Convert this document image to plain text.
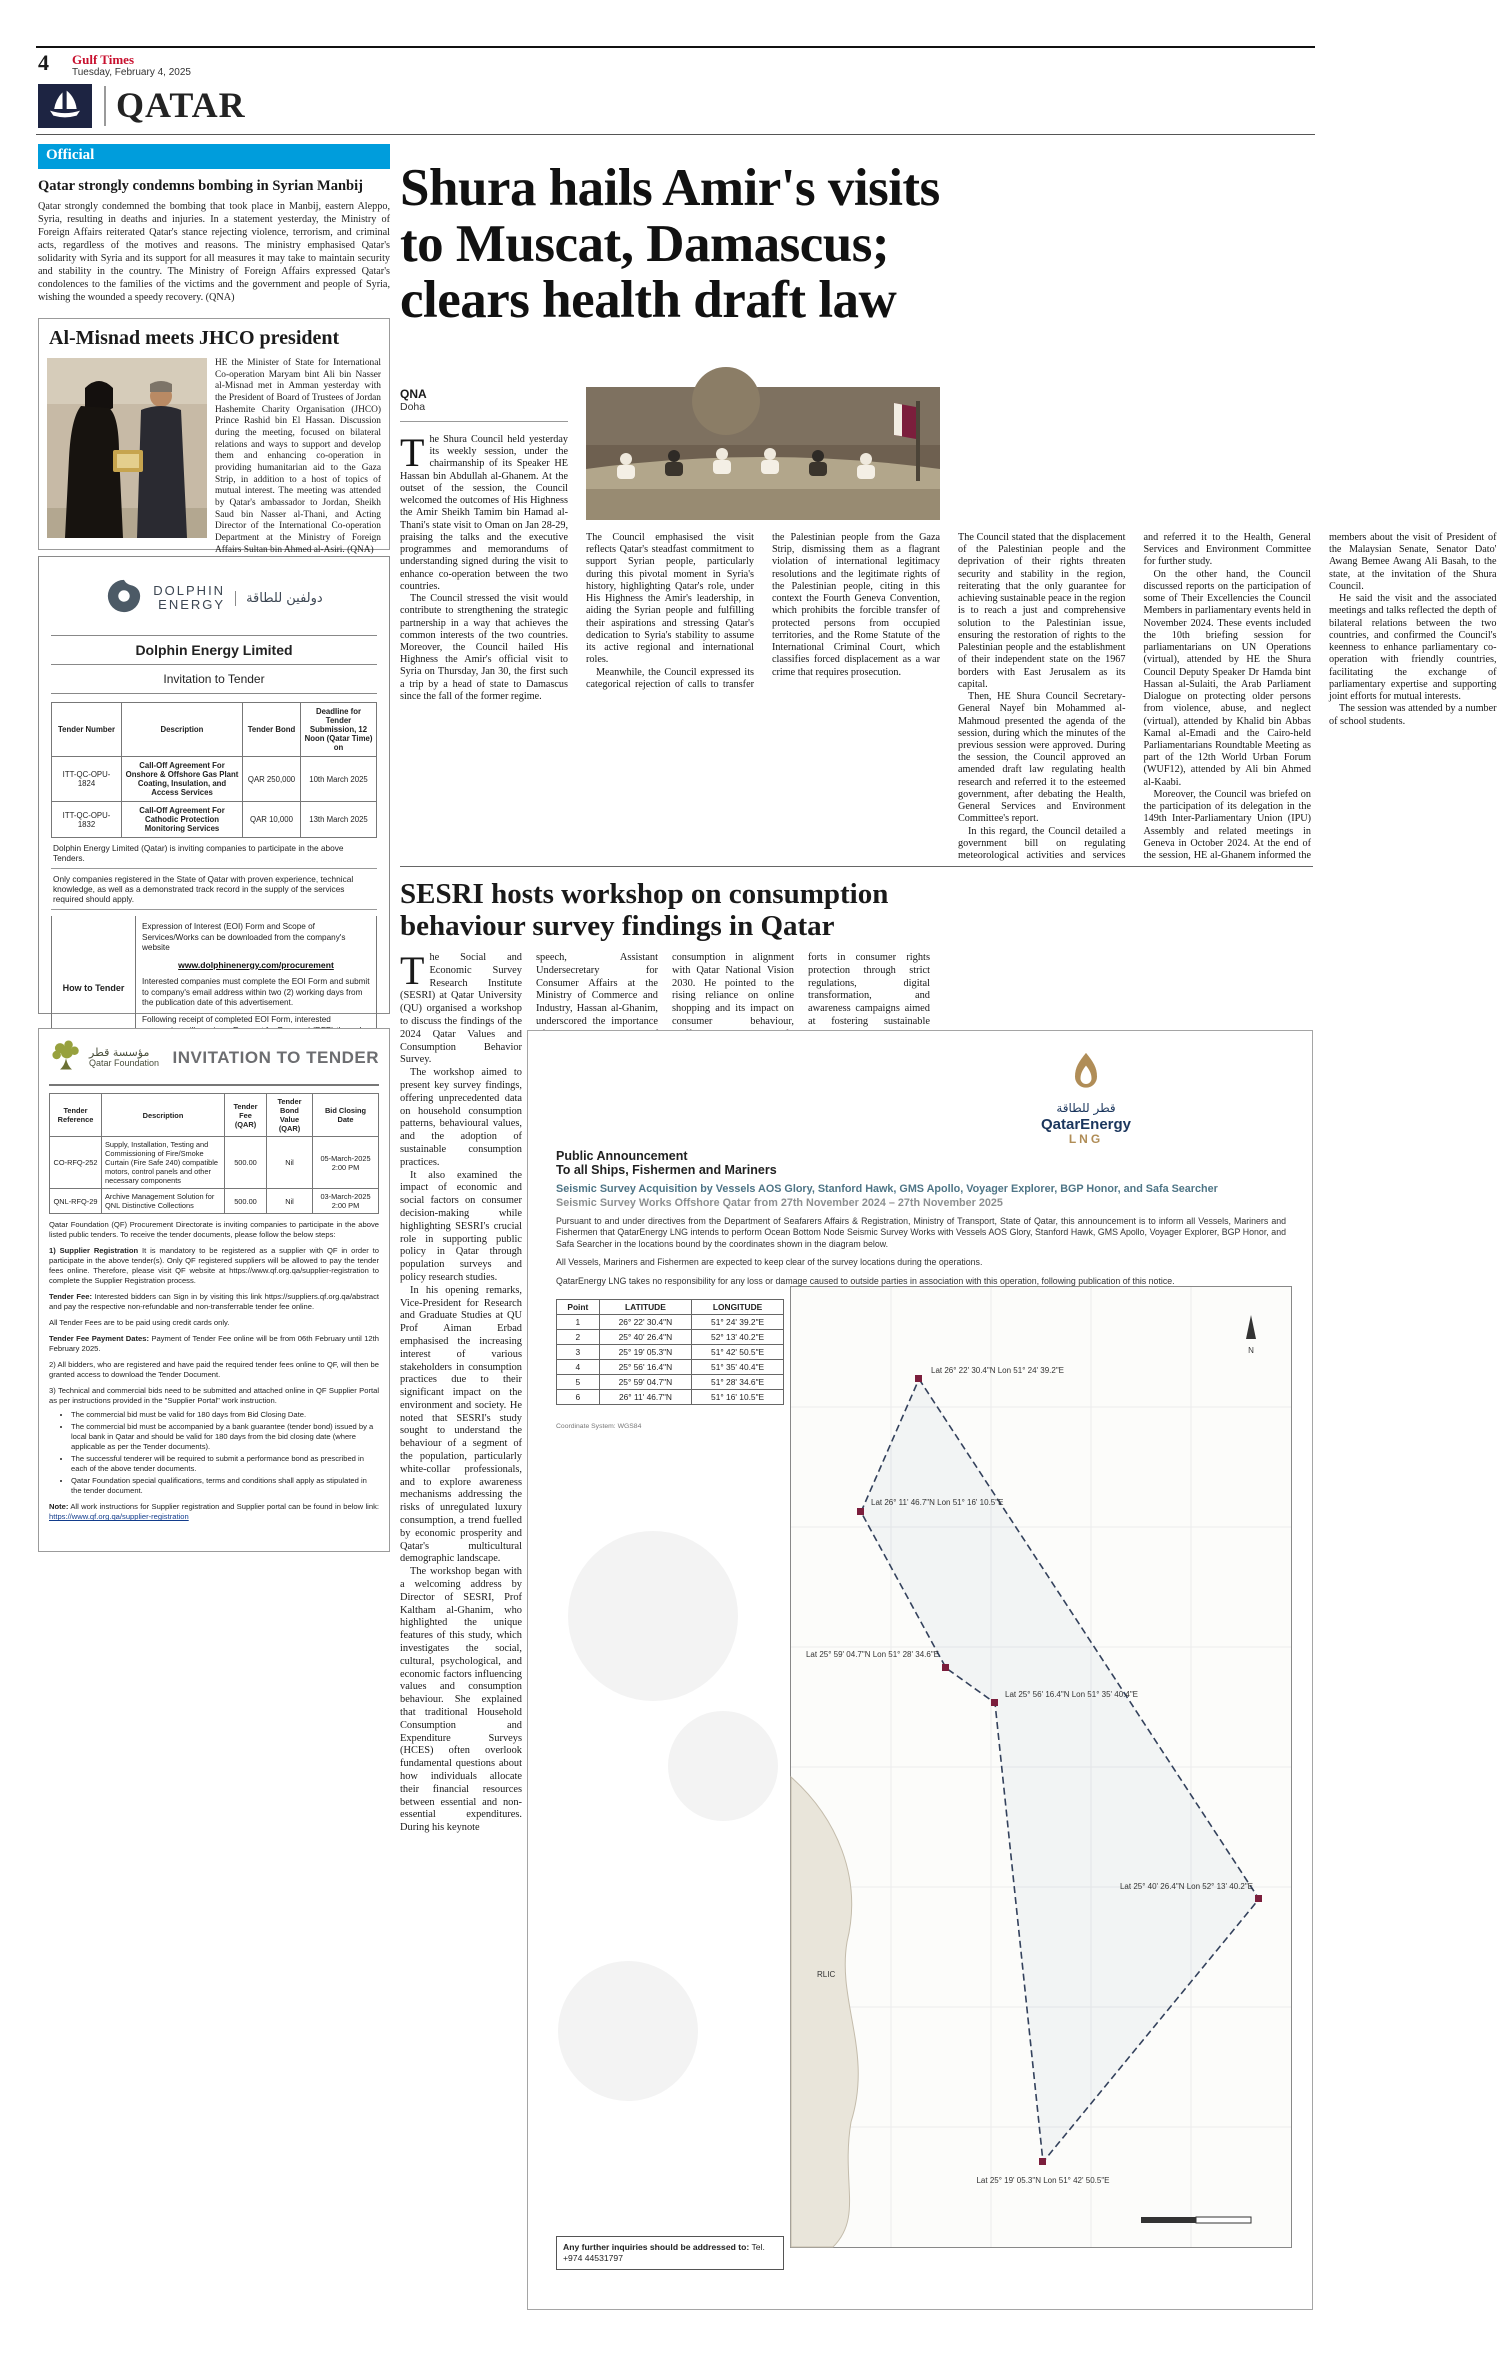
4 Gulf Times
Tuesday, February 4, 2025
QATAR
Official
Qatar strongly condemns bombing in Syrian Manbij

Qatar strongly condemned the bombing that took place in Manbij, eastern Aleppo, Syria, resulting in deaths and injuries. In a statement yesterday, the Ministry of Foreign Affairs reiterated Qatar's stance rejecting violence, terrorism, and criminal acts, regardless of the motives and reasons. The ministry emphasised Qatar's solidarity with Syria and its support for all measures it may take to maintain security and stability in the country. The Ministry of Foreign Affairs expressed Qatar's condolences to the families of the victims and the government and people of Syria, wishing the wounded a speedy recovery. (QNA)

Al-Misnad meets JHCO president

HE the Minister of State for International Co-operation Maryam bint Ali bin Nasser al-Misnad met in Amman yesterday with the President of Board of Trustees of Jordan Hashemite Charity Organisation (JHCO) Prince Rashid bin El Hassan. Discussion during the meeting, focused on bilateral relations and ways to support and develop them and enhancing co-operation in providing humanitarian aid to the Gaza Strip, in addition to a host of topics of mutual interest. The meeting was attended by Qatar's ambassador to Jordan, Sheikh Saud bin Nasser al-Thani, and Acting Director of the International Co-operation Department at the Ministry of Foreign Affairs Sultan bin Ahmed al-Asiri. (QNA)

DOLPHIN
ENERGY	دولفين للطاقة
Dolphin Energy Limited
Invitation to Tender
Tender Number	Description	Tender Bond	Deadline for Tender Submission, 12 Noon (Qatar Time) on
ITT-QC-OPU-1824	Call-Off Agreement For Onshore & Offshore Gas Plant Coating, Insulation, and Access Services	QAR 250,000	10th March 2025
ITT-QC-OPU-1832	Call-Off Agreement For Cathodic Protection Monitoring Services	QAR 10,000	13th March 2025
Dolphin Energy Limited (Qatar) is inviting companies to participate in the above Tenders.
Only companies registered in the State of Qatar with proven experience, technical knowledge, as well as a demonstrated track record in the supply of the services required should apply.
How to Tender

Expression of Interest (EOI) Form and Scope of Services/Works can be downloaded from the company's website

www.dolphinenergy.com/procurement

Interested companies must complete the EOI Form and submit to company's email address within two (2) working days from the publication date of this advertisement.

Following receipt of completed EOI Form, interested

مؤسسة قطر
Qatar Foundation INVITATION TO TENDER
Tender Reference	Description	Tender Fee (QAR)	Tender Bond Value (QAR)	Bid Closing Date
CO-RFQ-252	Supply, Installation, Testing and Commissioning of Fire/Smoke Curtain (Fire Safe 240) compatible motors, control panels and other necessary components	500.00	Nil	05-March-2025 2:00 PM
QNL-RFQ-29	Archive Management Solution for QNL Distinctive Collections	500.00	Nil	03-March-2025 2:00 PM

Qatar Foundation (QF) Procurement Directorate is inviting companies to participate in the above listed public tenders. To receive the tender documents, please follow the below steps:

1) Supplier Registration It is mandatory to be registered as a supplier with QF in order to participate in the above tender(s). Only QF registered suppliers will be allowed to pay the tender fees online. Therefore, please visit QF website at https://www.qf.org.qa/supplier-registration to complete the Supplier Registration process.

Tender Fee: Interested bidders can Sign in by visiting this link https://suppliers.qf.org.qa/abstract and pay the respective non-refundable and non-transferrable tender fee online.

All Tender Fees are to be paid using credit cards only.

Tender Fee Payment Dates: Payment of Tender Fee online will be from 06th February until 12th February 2025.

2) All bidders, who are registered and have paid the required tender fees online to QF, will then be granted access to download the Tender Document.

3) Technical and commercial bids need to be submitted and attached online in QF Supplier Portal as per instructions provided in the "Supplier Portal" work instruction.

• The commercial bid must be valid for 180 days from Bid Closing Date.
• The commercial bid must be accompanied by a bank guarantee (tender bond) issued by a local bank in Qatar and should be valid for 180 days from the bid closing date (where applicable as per the Tender documents).
• The successful tenderer will be required to submit a performance bond as prescribed in each of the above tender documents.
• Qatar Foundation special qualifications, terms and conditions shall apply as stipulated in the tender document.

Note: All work instructions for Supplier registration and Supplier portal can be found in below link: https://www.qf.org.qa/supplier-registration

Shura hails Amir's visits to Muscat, Damascus; clears health draft law
QNA
Doha

The Shura Council held yesterday its weekly session, under the chairmanship of its Speaker HE Hassan bin Abdullah al-Ghanem. At the outset of the session, the Council welcomed the outcomes of His Highness the Amir Sheikh Tamim bin Hamad al-Thani's state visit to Oman on Jan 28-29, praising the talks and the executive programmes and memorandums of understanding signed during the visit to enhance co-operation between the two countries.

The Council stressed the visit would contribute to strengthening the strategic partnership in a way that achieves the common interests of the two countries. Moreover, the Council hailed His Highness the Amir's official visit to Syria on Thursday, Jan 30, the first such a trip by a head of state to Damascus since the fall of the former regime.

The Council emphasised the visit reflects Qatar's steadfast commitment to support Syrian people, particularly during this pivotal moment in Syria's history, highlighting Qatar's role, under His Highness the Amir's leadership, in aiding the Syrian people and fulfilling their aspirations and stressing Qatar's dedication to Syria's stability to assume its active regional and international roles.

Meanwhile, the Council expressed its categorical rejection of calls to transfer the Palestinian people from the Gaza Strip, dismissing them as a flagrant violation of international legitimacy resolutions and the legitimate rights of the Palestinian people, citing in this context the Fourth Geneva Convention, which prohibits the forcible transfer of protected persons from occupied territories, and the Rome Statute of the International Criminal Court, which classifies forced displacement as a war crime that requires prosecution.

The Council stated that the displacement of the Palestinian people and the deprivation of their rights threaten security and stability in the region, reiterating that the only guarantee for achieving sustainable peace in the region is to reach a just and comprehensive solution to the Palestinian issue, ensuring the restoration of rights to the Palestinian people and the establishment of their independent state on the 1967 borders with East Jerusalem as its capital.

Then, HE Shura Council Secretary-General Nayef bin Mohammed al-Mahmoud presented the agenda of the session, during which the minutes of the previous session were approved. During the session, the Council approved an amended draft law regulating health research and referred it to the esteemed government, after debating the Health, General Services and Environment Committee's report.

In this regard, the Council detailed a government bill on regulating meteorological activities and services and referred it to the Health, General Services and Environment Committee for further study.

On the other hand, the Council discussed reports on the participation of some of Their Excellencies the Council Members in parliamentary events held in November 2024. These events included the 10th briefing session for parliamentarians on UN Operations (virtual), attended by HE the Shura Council Deputy Speaker Dr Hamda bint Hassan al-Sulaiti, the Arab Parliament Dialogue on protecting older persons from violence, abuse, and neglect (virtual), attended by Khalid bin Abbas Kamal al-Emadi and the Cairo-held Parliamentarians Roundtable Meeting as part of the 12th World Urban Forum (WUF12), attended by Ali bin Ahmed al-Kaabi.

Moreover, the Council was briefed on the participation of its delegation in the 149th Inter-Parliamentary Union (IPU) Assembly and related meetings in Geneva in October 2024. At the end of the session, HE al-Ghanem informed the members about the visit of President of the Malaysian Senate, Senator Dato' Awang Bemee Awang Ali Basah, to the state, at the invitation of the Shura Council.

He said the visit and the associated meetings and talks reflected the depth of bilateral relations between the two countries, and confirmed the Council's keenness to enhance parliamentary co-operation with friendly countries, facilitating the exchange of parliamentary expertise and supporting joint efforts for mutual interests.

The session was attended by a number of school students.

SESRI hosts workshop on consumption behaviour survey findings in Qatar

The Social and Economic Survey Research Institute (SESRI) at Qatar University (QU) organised a workshop to discuss the findings of the 2024 Qatar Values and Consumption Behavior Survey.

The workshop aimed to present key survey findings, offering unprecedented data on household consumption patterns, behavioural values, and the adoption of sustainable consumption practices.

It also examined the impact of economic and social factors on consumer decision-making while highlighting SESRI's crucial role in supporting public policy in Qatar through population surveys and policy research studies.

In his opening remarks, Vice-President for Research and Graduate Studies at QU Prof Aiman Erbad emphasised the increasing interest of various stakeholders in consumption practices due to their significant impact on the environment and society. He noted that SESRI's study sought to understand the behaviour of a segment of the population, particularly white-collar professionals, and to explore awareness mechanisms addressing the risks of unregulated luxury consumption, a trend fuelled by economic prosperity and Qatar's multicultural demographic landscape.

The workshop began with a welcoming address by Director of SESRI, Prof Kaltham al-Ghanim, who highlighted the unique features of this study, which investigates the social, cultural, psychological, and economic factors influencing values and consumption behaviour. She explained that traditional Household Consumption and Expenditure Surveys (HCES) often overlook fundamental questions about how individuals allocate their financial resources between essential and non-essential expenditures. During his keynote

speech, Assistant Undersecretary for Consumer Affairs at the Ministry of Commerce and Industry, Hassan al-Ghanim, underscored the importance

consumption in alignment with Qatar National Vision 2030. He pointed to the rising reliance on online shopping and its impact on consumer behaviour,

forts in consumer rights protection through strict regulations, digital transformation, and awareness campaigns aimed at fostering sustainable

قطر للطاقة
QatarEnergy
LNG
Public Announcement
To all Ships, Fishermen and Mariners
Seismic Survey Acquisition by Vessels AOS Glory, Stanford Hawk, GMS Apollo, Voyager Explorer, BGP Honor, and Safa Searcher
Seismic Survey Works Offshore Qatar from 27th November 2024 – 27th November 2025

Pursuant to and under directives from the Department of Seafarers Affairs & Registration, Ministry of Transport, State of Qatar, this announcement is to inform all Vessels, Mariners and Fishermen that QatarEnergy LNG intends to perform Ocean Bottom Node Seismic Survey Works with Vessels AOS Glory, Stanford Hawk, GMS Apollo, Voyager Explorer, BGP Honor, and Safa Searcher in the locations bound by the coordinates shown in the diagram below.

All Vessels, Mariners and Fishermen are expected to keep clear of the survey locations during the operations.

QatarEnergy LNG takes no responsibility for any loss or damage caused to outside parties in association with this operation, following publication of this notice.

Point	LATITUDE	LONGITUDE
1	26° 22' 30.4"N	51° 24' 39.2"E
2	25° 40' 26.4"N	52° 13' 40.2"E
3	25° 19' 05.3"N	51° 42' 50.5"E
4	25° 56' 16.4"N	51° 35' 40.4"E
5	25° 59' 04.7"N	51° 28' 34.6"E
6	26° 11' 46.7"N	51° 16' 10.5"E
Coordinate System: WGS84
RLIC
Lat 26° 22' 30.4"N Lon 51° 24' 39.2"E
Lat 25° 40' 26.4"N Lon 52° 13' 40.2"E
Lat 25° 19' 05.3"N Lon 51° 42' 50.5"E
Lat 25° 56' 16.4"N Lon 51° 35' 40.4"E
Lat 25° 59' 04.7"N Lon 51° 28' 34.6"E
Lat 26° 11' 46.7"N Lon 51° 16' 10.5"E
N
Any further inquiries should be addressed to: Tel. +974 44531797
